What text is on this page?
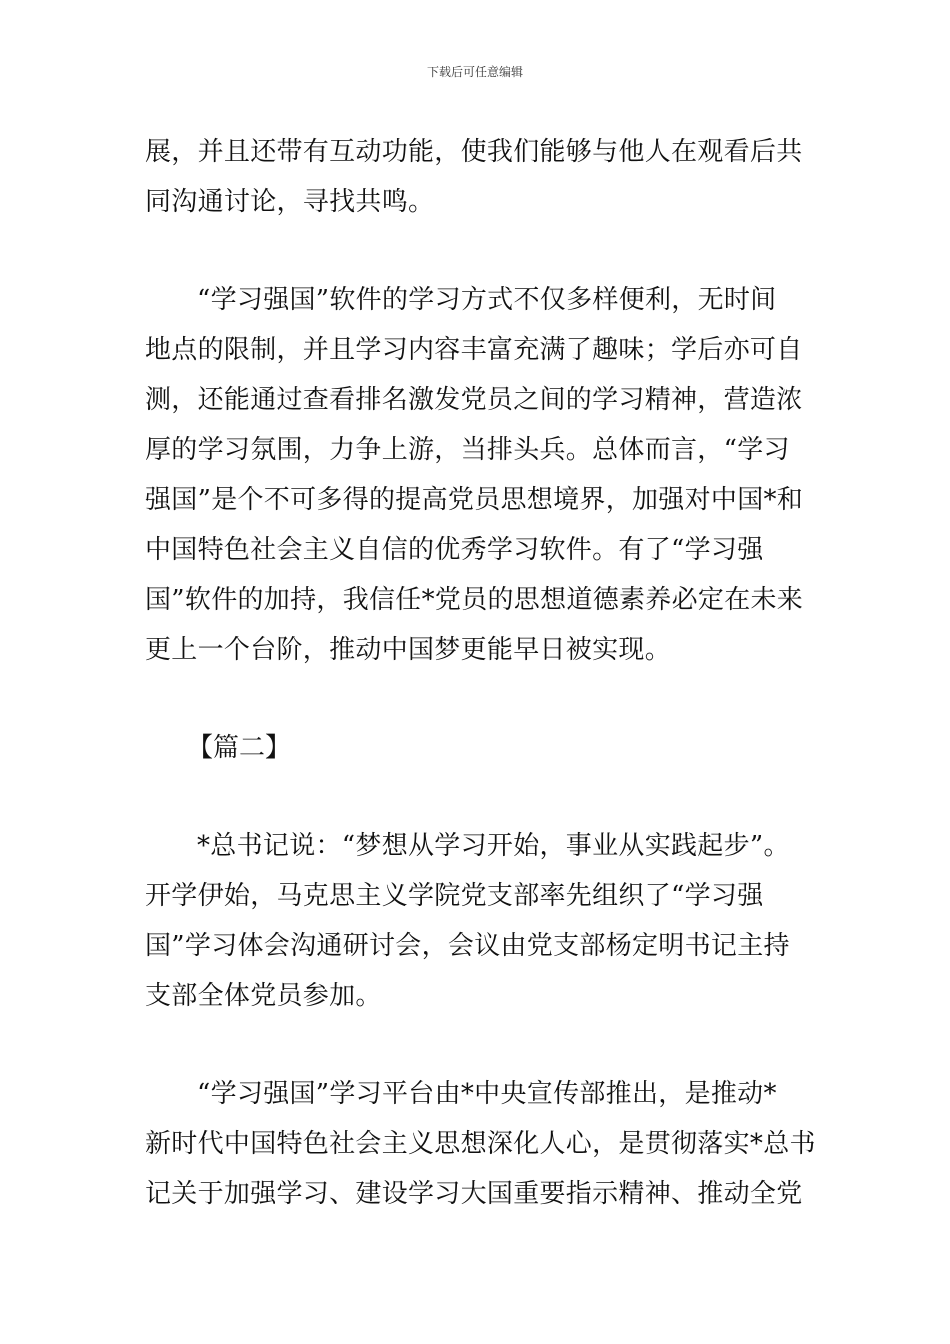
下载后可任意编辑
展，并且还带有互动功能，使我们能够与他人在观看后共
同沟通讨论，寻找共鸣。
“学习强国”软件的学习方式不仅多样便利，无时间
地点的限制，并且学习内容丰富充满了趣味；学后亦可自
测，还能通过查看排名激发党员之间的学习精神，营造浓
厚的学习氛围，力争上游，当排头兵。总体而言，“学习
强国”是个不可多得的提高党员思想境界，加强对中国*和
中国特色社会主义自信的优秀学习软件。有了“学习强
国”软件的加持，我信任*党员的思想道德素养必定在未来
更上一个台阶，推动中国梦更能早日被实现。
【篇二】
*总书记说：“梦想从学习开始，事业从实践起步”。
开学伊始，马克思主义学院党支部率先组织了“学习强
国”学习体会沟通研讨会，会议由党支部杨定明书记主持
支部全体党员参加。
“学习强国”学习平台由*中央宣传部推出，是推动*
新时代中国特色社会主义思想深化人心，是贯彻落实*总书
记关于加强学习、建设学习大国重要指示精神、推动全党
